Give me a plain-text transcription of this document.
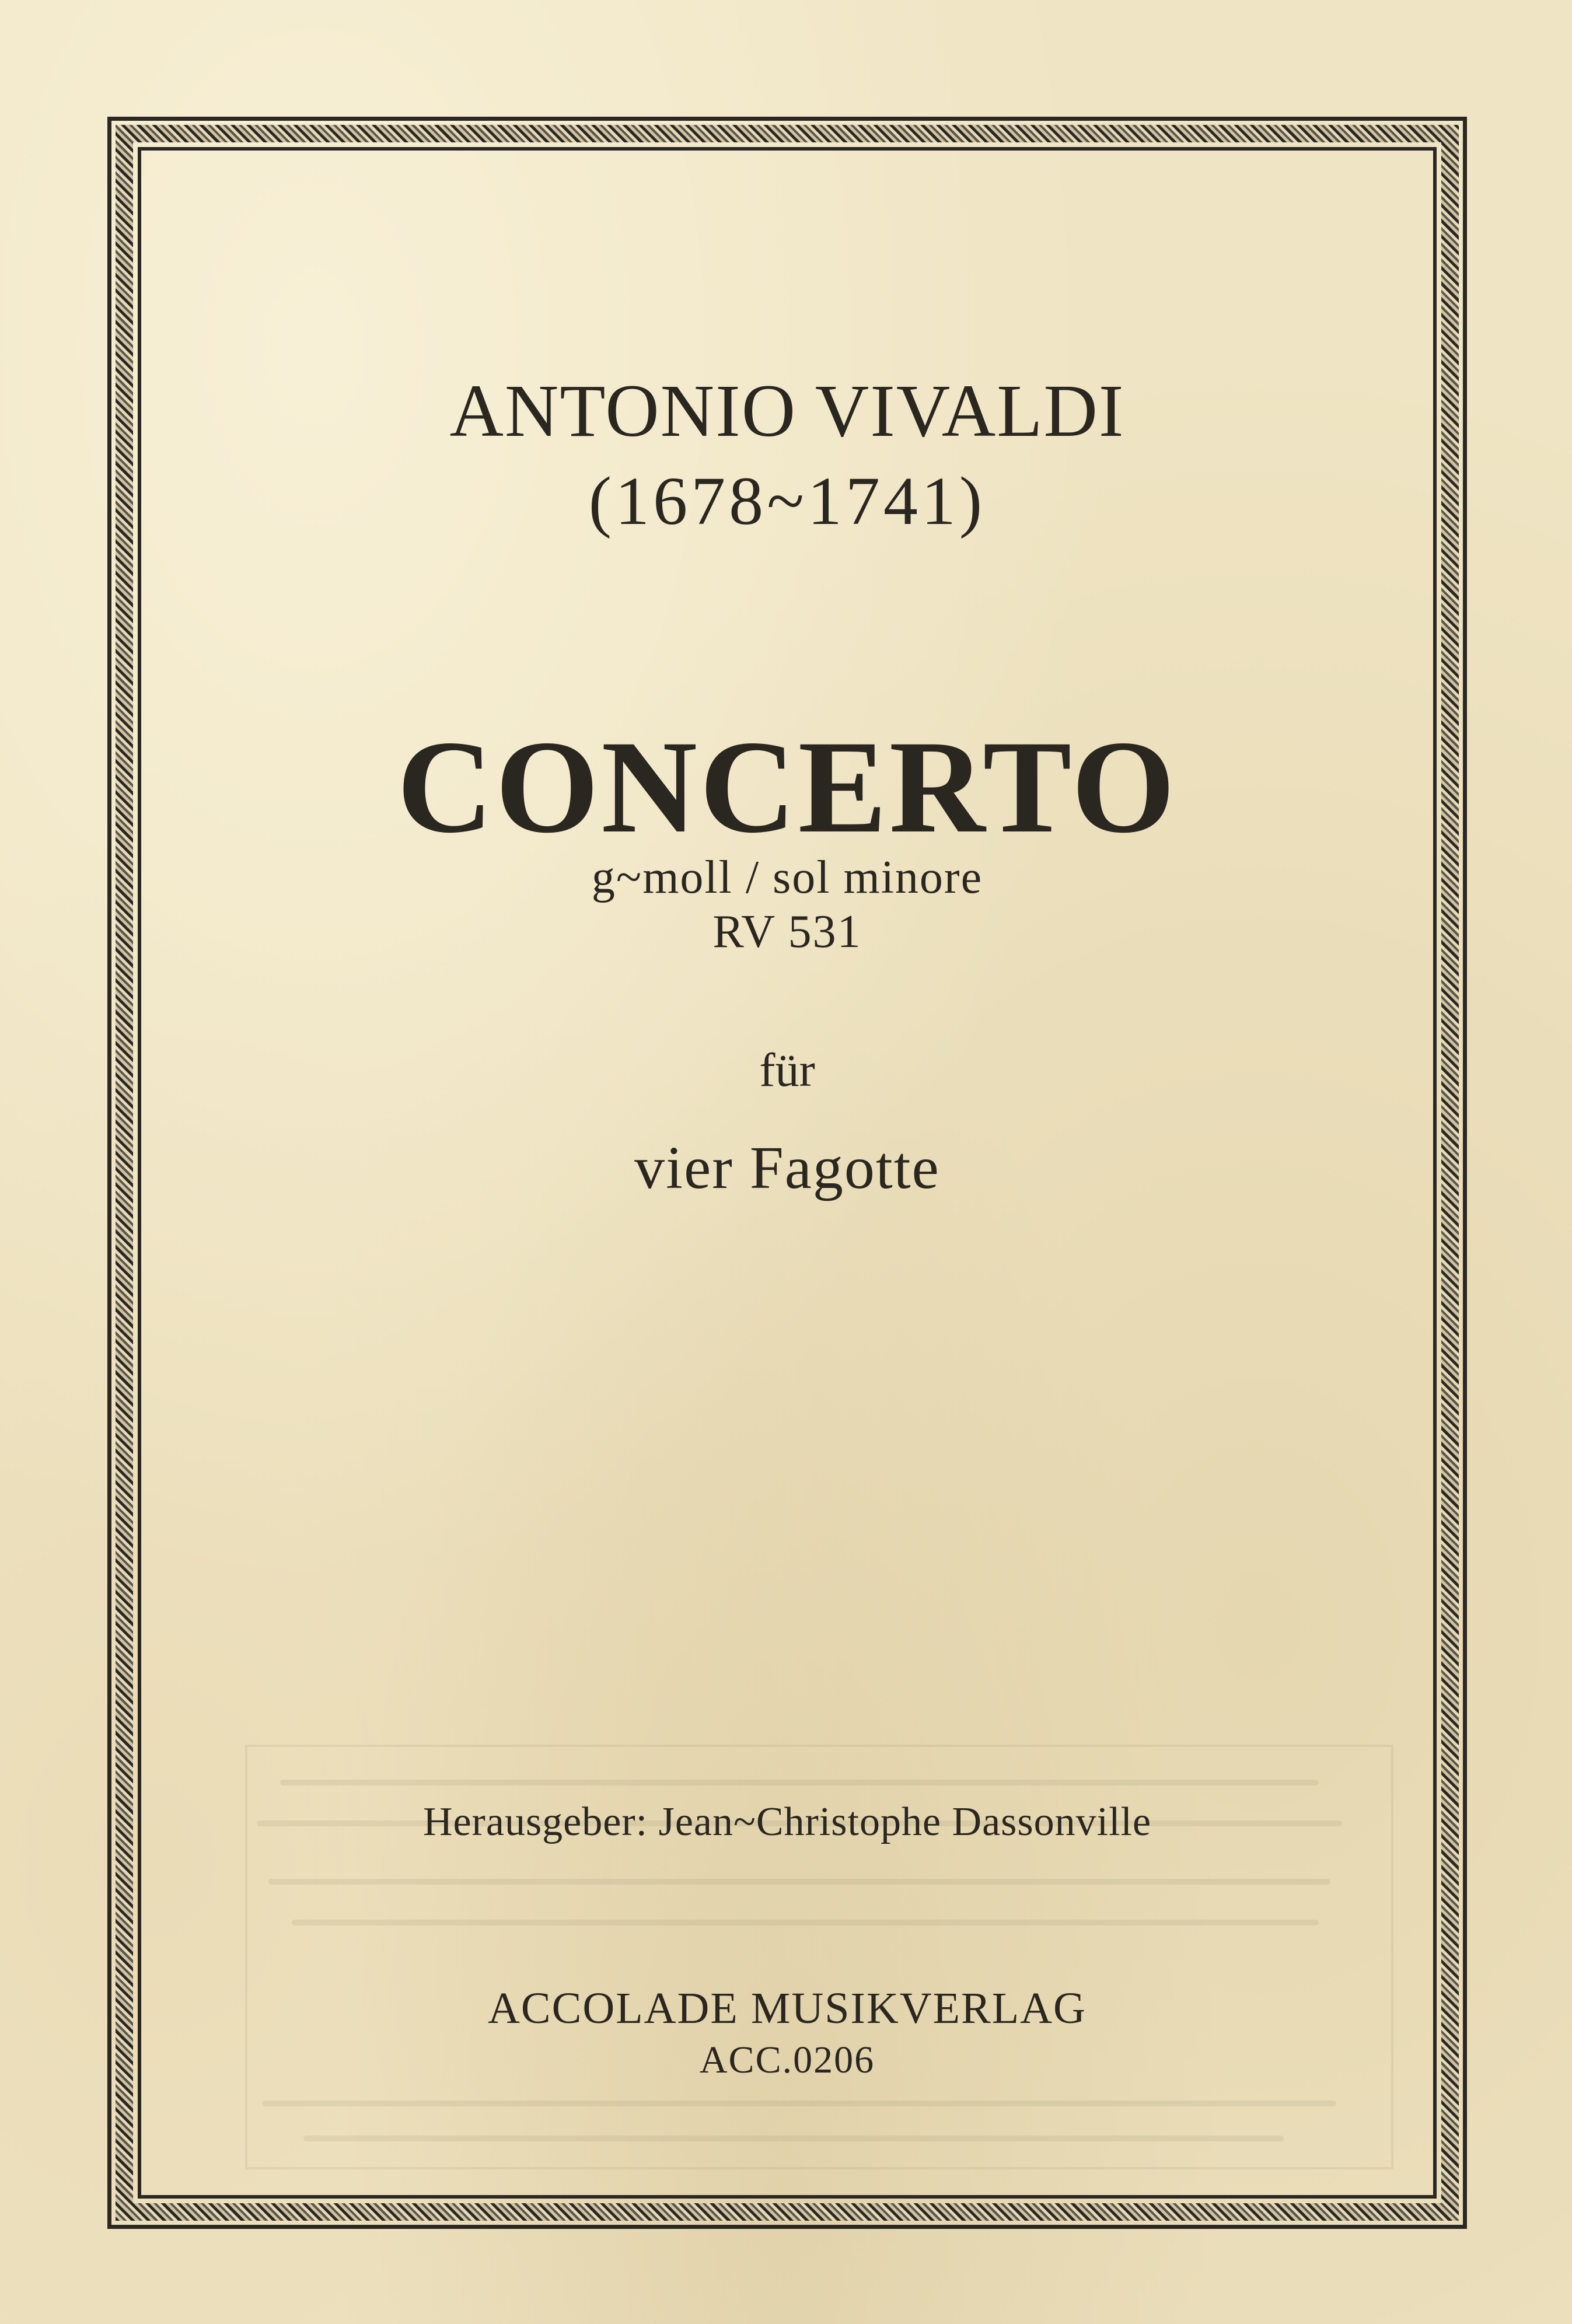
ANTONIO VIVALDI
(1678~1741)
CONCERTO
g~moll / sol minore
RV 531
für
vier Fagotte
Herausgeber: Jean~Christophe Dassonville
ACCOLADE MUSIKVERLAG
ACC.0206
